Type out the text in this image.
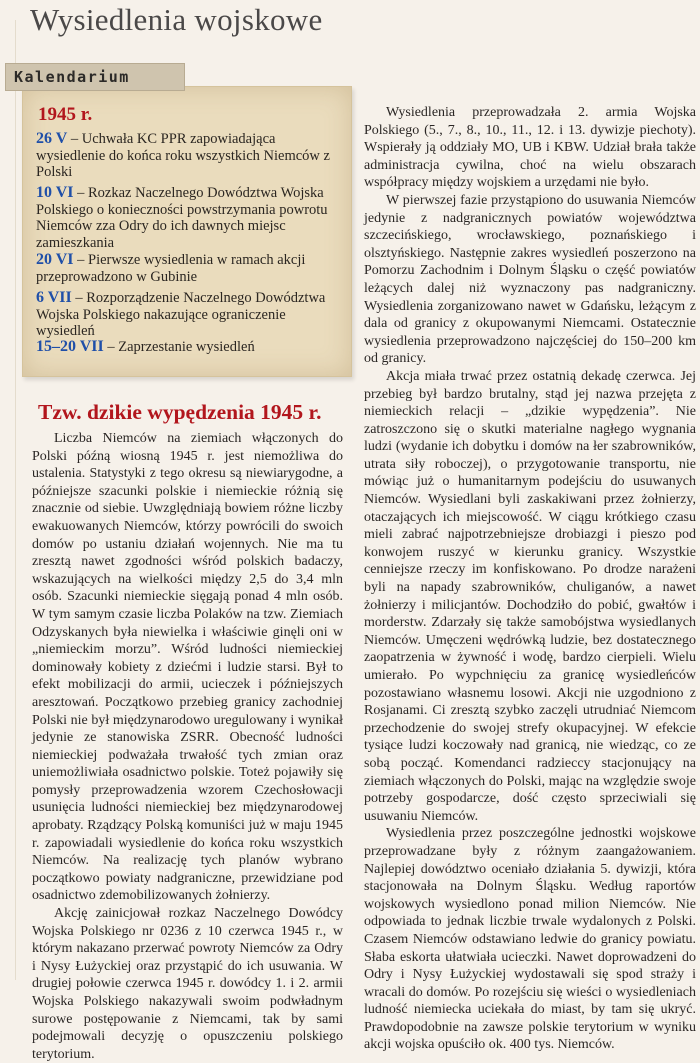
Wysiedlenia wojskowe
Kalendarium
1945 r.
26 V – Uchwała KC PPR zapowiadająca wysiedlenie do końca roku wszystkich Niemców z Polski
10 VI – Rozkaz Naczelnego Dowództwa Wojska Polskiego o konieczności powstrzymania powrotu Niemców zza Odry do ich dawnych miejsc zamieszkania
20 VI – Pierwsze wysiedlenia w ramach akcji przeprowadzono w Gubinie
6 VII – Rozporządzenie Naczelnego Dowództwa Wojska Polskiego nakazujące ograniczenie wysiedleń
15–20 VII – Zaprzestanie wysiedleń
Tzw. dzikie wypędzenia 1945 r.

Liczba Niemców na ziemiach włączonych do Polski późną wiosną 1945 r. jest niemożliwa do ustalenia. Statystyki z tego okresu są niewiarygodne, a późniejsze szacunki polskie i niemieckie różnią się znacznie od siebie. Uwzględniają bowiem różne liczby ewakuowanych Niemców, którzy powrócili do swoich domów po ustaniu działań wojennych. Nie ma tu zresztą nawet zgodności wśród polskich badaczy, wskazujących na wielkości między 2,5 do 3,4 mln osób. Szacunki niemieckie sięgają ponad 4 mln osób. W tym samym czasie liczba Polaków na tzw. Ziemiach Odzyskanych była niewielka i właściwie ginęli oni w „niemieckim morzu”. Wśród ludności niemieckiej dominowały kobiety z dziećmi i ludzie starsi. Był to efekt mobilizacji do armii, ucieczek i późniejszych aresztowań. Początkowo przebieg granicy zachodniej Polski nie był międzynarodowo uregulowany i wynikał jedynie ze stanowiska ZSRR. Obecność ludności niemieckiej podważała trwałość tych zmian oraz uniemożliwiała osadnictwo polskie. Toteż pojawiły się pomysły przeprowadzenia wzorem Czechosłowacji usunięcia ludności niemieckiej bez międzynarodowej aprobaty. Rządzący Polską komuniści już w maju 1945 r. zapowiadali wysiedlenie do końca roku wszystkich Niemców. Na realizację tych planów wybrano początkowo powiaty nadgraniczne, przewidziane pod osadnictwo zdemobilizowanych żołnierzy.

Akcję zainicjował rozkaz Naczelnego Dowódcy Wojska Polskiego nr 0236 z 10 czerwca 1945 r., w którym nakazano przerwać powroty Niemców za Odry i Nysy Łużyckiej oraz przystąpić do ich usuwania. W drugiej połowie czerwca 1945 r. dowódcy 1. i 2. armii Wojska Polskiego nakazywali swoim podwładnym surowe postępowanie z Niemcami, tak by sami podejmowali decyzję o opuszczeniu polskiego terytorium.

Wysiedlenia przeprowadzała 2. armia Wojska Polskiego (5., 7., 8., 10., 11., 12. i 13. dywizje piechoty). Wspierały ją oddziały MO, UB i KBW. Udział brała także administracja cywilna, choć na wielu obszarach współpracy między wojskiem a urzędami nie było.

W pierwszej fazie przystąpiono do usuwania Niemców jedynie z nadgranicznych powiatów województwa szczecińskiego, wrocławskiego, poznańskiego i olsztyńskiego. Następnie zakres wysiedleń poszerzono na Pomorzu Zachodnim i Dolnym Śląsku o część powiatów leżących dalej niż wyznaczony pas nadgraniczny. Wysiedlenia zorganizowano nawet w Gdańsku, leżącym z dala od granicy z okupowanymi Niemcami. Ostatecznie wysiedlenia przeprowadzono najczęściej do 150–200 km od granicy.

Akcja miała trwać przez ostatnią dekadę czerwca. Jej przebieg był bardzo brutalny, stąd jej nazwa przejęta z niemieckich relacji – „dzikie wypędzenia”. Nie zatroszczono się o skutki materialne nagłego wygnania ludzi (wydanie ich dobytku i domów na łer szabrowników, utrata siły roboczej), o przygotowanie transportu, nie mówiąc już o humanitarnym podejściu do usuwanych Niemców. Wysiedlani byli zaskakiwani przez żołnierzy, otaczających ich miejscowość. W ciągu krótkiego czasu mieli zabrać najpotrzebniejsze drobiazgi i pieszo pod konwojem ruszyć w kierunku granicy. Wszystkie cenniejsze rzeczy im konfiskowano. Po drodze narażeni byli na napady szabrowników, chuliganów, a nawet żołnierzy i milicjantów. Dochodziło do pobić, gwałtów i morderstw. Zdarzały się także samobójstwa wysiedlanych Niemców. Umęczeni wędrówką ludzie, bez dostatecznego zaopatrzenia w żywność i wodę, bardzo cierpieli. Wielu umierało. Po wypchnięciu za granicę wysiedleńców pozostawiano własnemu losowi. Akcji nie uzgodniono z Rosjanami. Ci zresztą szybko zaczęli utrudniać Niemcom przechodzenie do swojej strefy okupacyjnej. W efekcie tysiące ludzi koczowały nad granicą, nie wiedząc, co ze sobą począć. Komendanci radzieccy stacjonujący na ziemiach włączonych do Polski, mając na względzie swoje potrzeby gospodarcze, dość często sprzeciwiali się usuwaniu Niemców.

Wysiedlenia przez poszczególne jednostki wojskowe przeprowadzane były z różnym zaangażowaniem. Najlepiej dowództwo oceniało działania 5. dywizji, która stacjonowała na Dolnym Śląsku. Według raportów wojskowych wysiedlono ponad milion Niemców. Nie odpowiada to jednak liczbie trwale wydalonych z Polski. Czasem Niemców odstawiano ledwie do granicy powiatu. Słaba eskorta ułatwiała ucieczki. Nawet doprowadzeni do Odry i Nysy Łużyckiej wydostawali się spod straży i wracali do domów. Po rozejściu się wieści o wysiedleniach ludność niemiecka uciekała do miast, by tam się ukryć. Prawdopodobnie na zawsze polskie terytorium w wyniku akcji wojska opuściło ok. 400 tys. Niemców.
